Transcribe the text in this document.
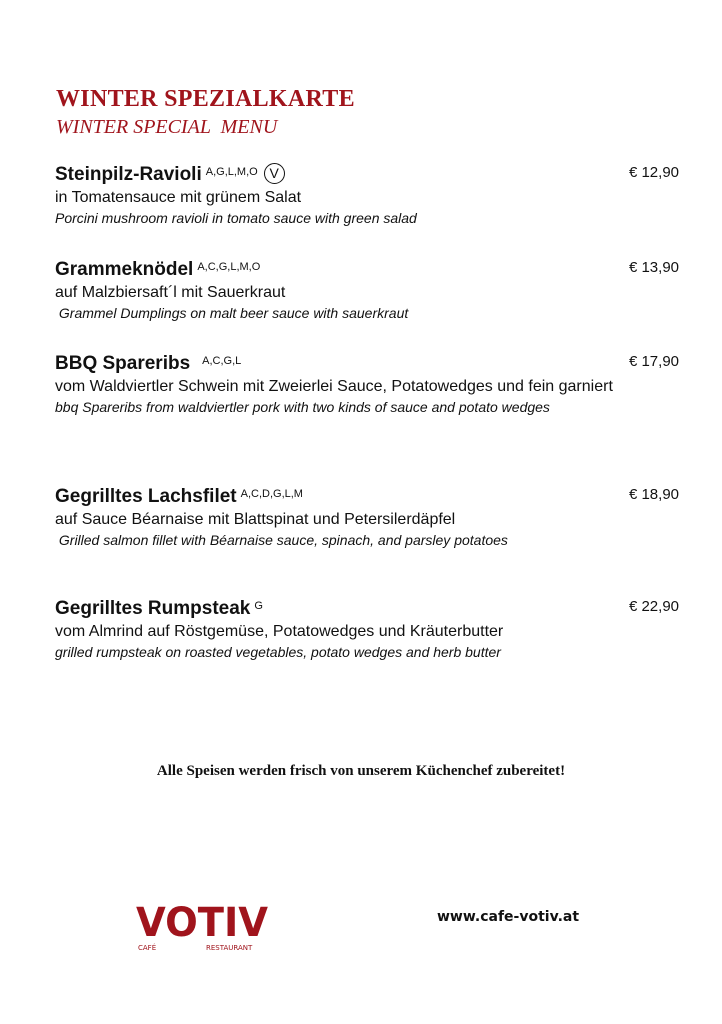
WINTER SPEZIALKARTE
WINTER SPECIAL  MENU
Steinpilz-Ravioli $^{A,G,L,M,O}$ V
in Tomatensauce mit grünem Salat
Porcini mushroom ravioli in tomato sauce with green salad
€ 12,90
Grammeknödel $^{A,C,G,L,M,O}$
auf Malzbiersaft´l mit Sauerkraut
Grammel Dumplings on malt beer sauce with sauerkraut
€ 13,90
BBQ Spareribs $^{A,C,G,L}$
vom Waldviertler Schwein mit Zweierlei Sauce, Potatowedges und fein garniert
bbq Spareribs from waldviertler pork with two kinds of sauce and potato wedges
€ 17,90
Gegrilltes Lachsfilet $^{A,C,D,G,L,M}$
auf Sauce Béarnaise mit Blattspinat und Petersilerdäpfel
Grilled salmon fillet with Béarnaise sauce, spinach, and parsley potatoes
€ 18,90
Gegrilltes Rumpsteak $^G$
vom Almrind auf Röstgemüse, Potatowedges und Kräuterbutter
grilled rumpsteak on roasted vegetables, potato wedges and herb butter
€ 22,90
Alle Speisen werden frisch von unserem Küchenchef zubereitet!
VOTIV
CAFÉ	RESTAURANT
www.cafe-votiv.at
